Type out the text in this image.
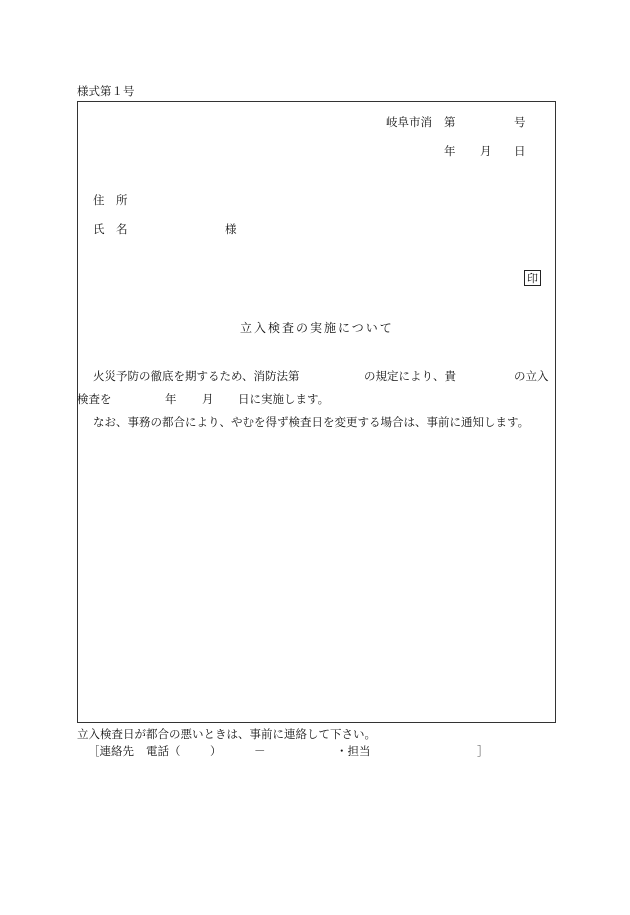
様式第１号
岐阜市消 第	号
年 月 日
住　所
氏　名	様
印
立入検査の実施について
火災予防の徹底を期するため、消防法第	の規定により、貴	の立入
検査を	年 月 日に実施します。
なお、事務の都合により、やむを得ず検査日を変更する場合は、事前に通知します。
立入検査日が都合の悪いときは、事前に連絡して下さい。
［連絡先 電話（	）	－	・担当	］
